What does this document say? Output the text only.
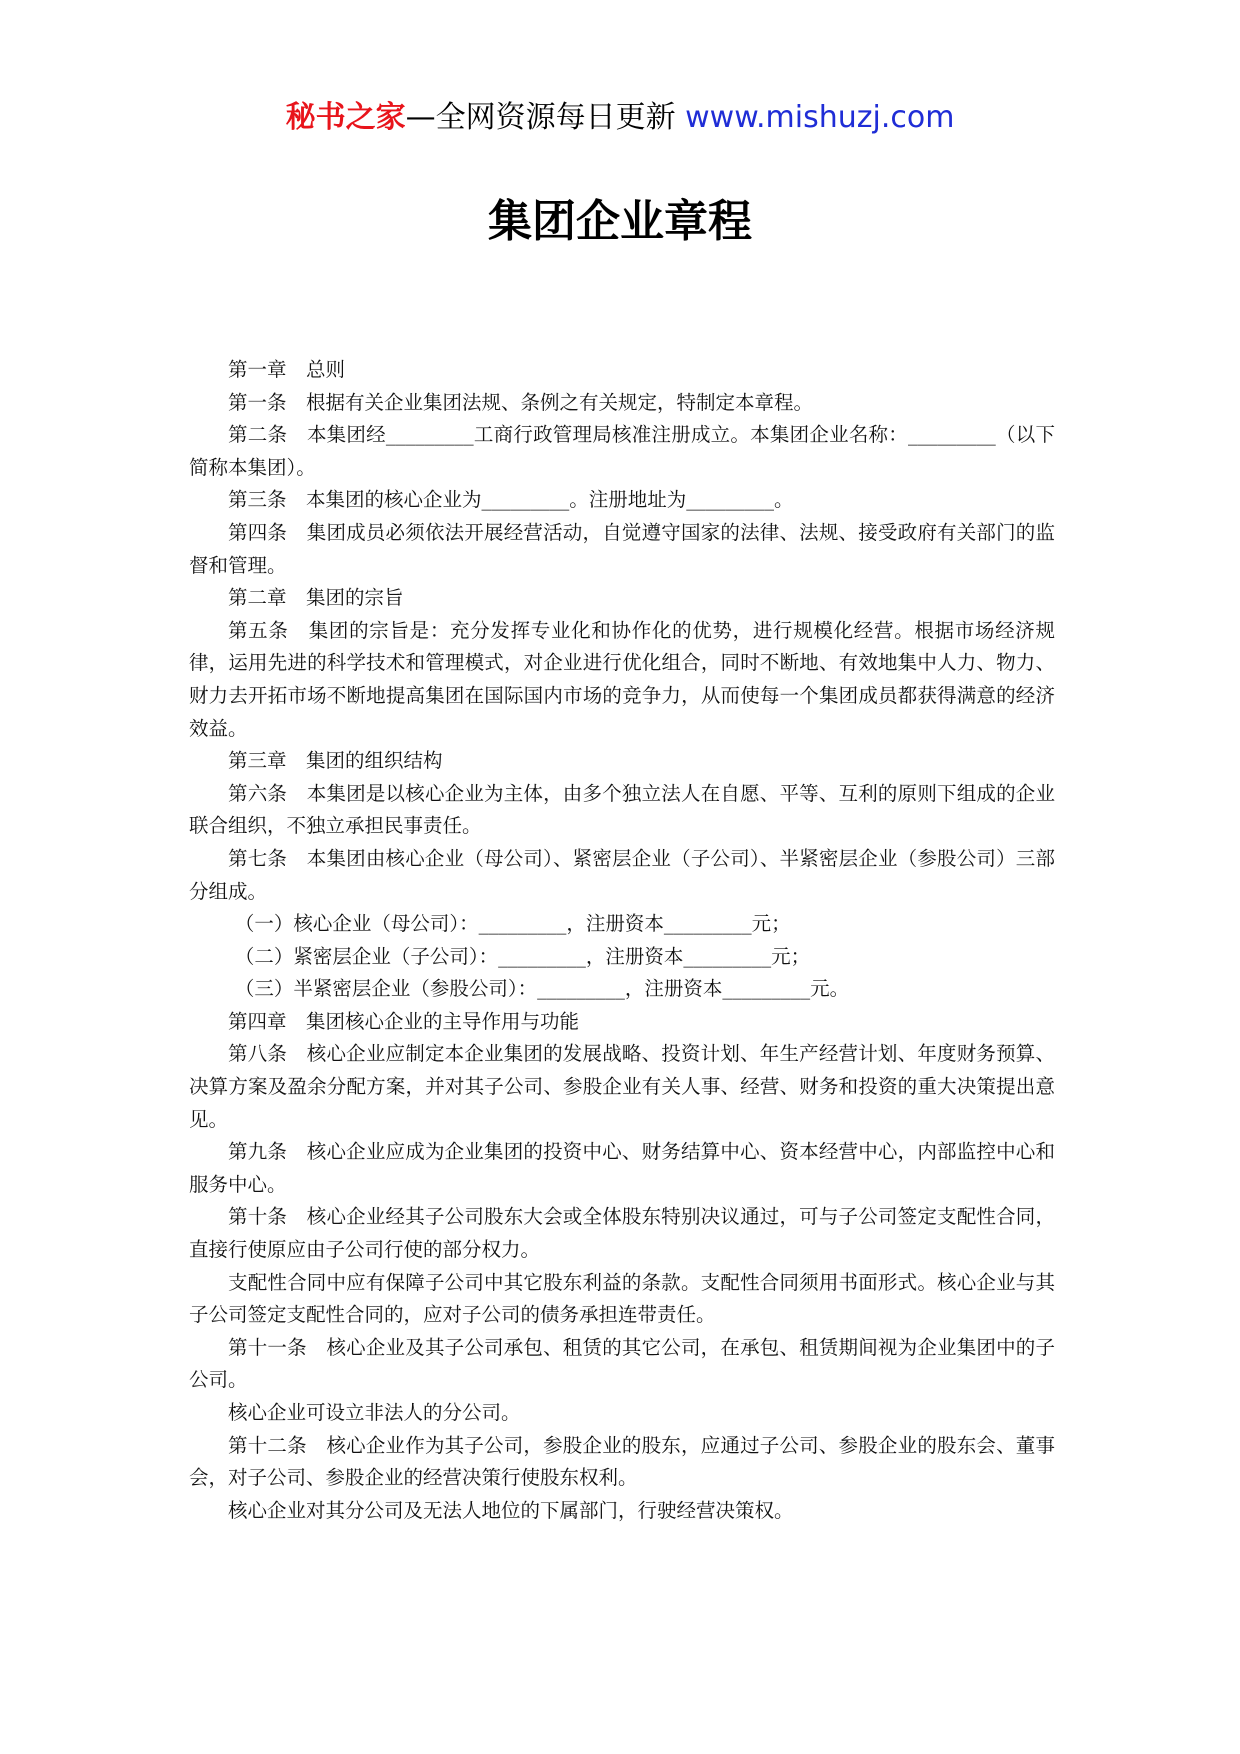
秘书之家—全网资源每日更新 www.mishuzj.com
集团企业章程

第一章　总则

第一条　根据有关企业集团法规、条例之有关规定，特制定本章程。

第二条　本集团经_________工商行政管理局核准注册成立。本集团企业名称：_________（以下简称本集团）。

第三条　本集团的核心企业为_________。注册地址为_________。

第四条　集团成员必须依法开展经营活动，自觉遵守国家的法律、法规、接受政府有关部门的监督和管理。

第二章　集团的宗旨

第五条　集团的宗旨是：充分发挥专业化和协作化的优势，进行规模化经营。根据市场经济规律，运用先进的科学技术和管理模式，对企业进行优化组合，同时不断地、有效地集中人力、物力、财力去开拓市场不断地提高集团在国际国内市场的竞争力，从而使每一个集团成员都获得满意的经济效益。

第三章　集团的组织结构

第六条　本集团是以核心企业为主体，由多个独立法人在自愿、平等、互利的原则下组成的企业联合组织，不独立承担民事责任。

第七条　本集团由核心企业（母公司）、紧密层企业（子公司）、半紧密层企业（参股公司）三部分组成。

（一）核心企业（母公司）：_________，注册资本_________元；

（二）紧密层企业（子公司）：_________，注册资本_________元；

（三）半紧密层企业（参股公司）：_________，注册资本_________元。

第四章　集团核心企业的主导作用与功能

第八条　核心企业应制定本企业集团的发展战略、投资计划、年生产经营计划、年度财务预算、决算方案及盈余分配方案，并对其子公司、参股企业有关人事、经营、财务和投资的重大决策提出意见。

第九条　核心企业应成为企业集团的投资中心、财务结算中心、资本经营中心，内部监控中心和服务中心。

第十条　核心企业经其子公司股东大会或全体股东特别决议通过，可与子公司签定支配性合同，直接行使原应由子公司行使的部分权力。

支配性合同中应有保障子公司中其它股东利益的条款。支配性合同须用书面形式。核心企业与其子公司签定支配性合同的，应对子公司的债务承担连带责任。

第十一条　核心企业及其子公司承包、租赁的其它公司，在承包、租赁期间视为企业集团中的子公司。

核心企业可设立非法人的分公司。

第十二条　核心企业作为其子公司，参股企业的股东，应通过子公司、参股企业的股东会、董事会，对子公司、参股企业的经营决策行使股东权利。

核心企业对其分公司及无法人地位的下属部门，行驶经营决策权。
